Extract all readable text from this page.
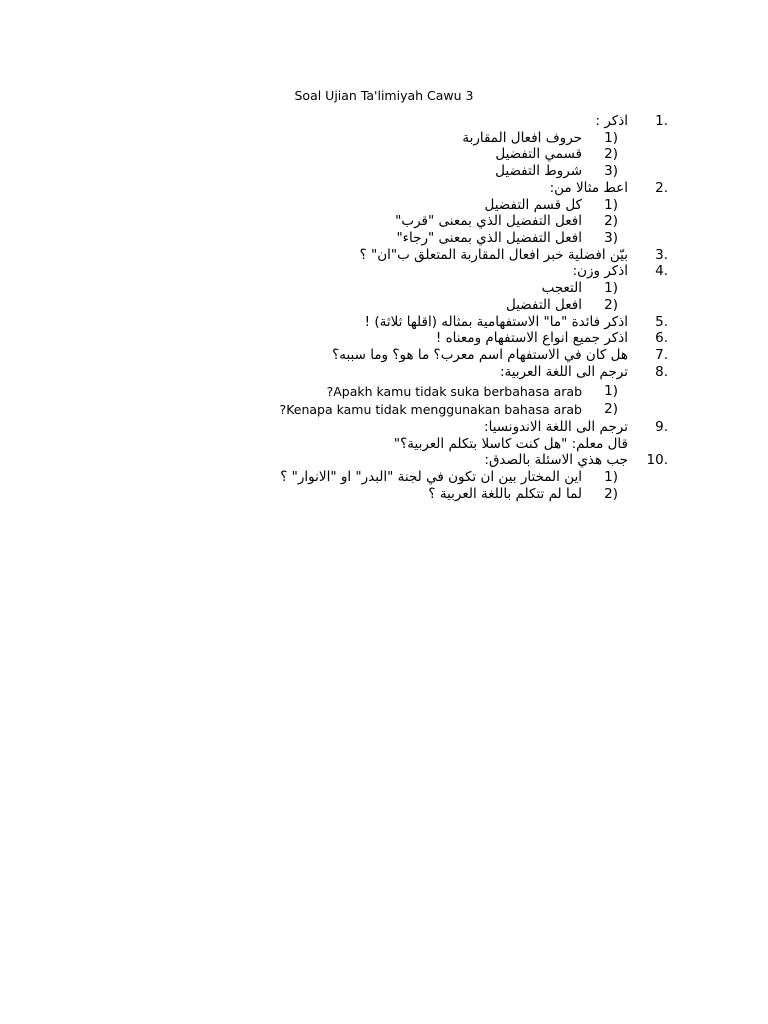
Soal Ujian Ta'limiyah Cawu 3
1.
اذكر :
1)
حروف افعال المقاربة
2)
قسمي التفضيل
3)
شروط التفضيل
2.
اعط مثالا من:
1)
كل قسم التفضيل
2)
افعل التفضيل الذي بمعنى "قرب"
3)
افعل التفضيل الذي بمعنى "رجاء"
3.
بيّن افضلية خبر افعال المقاربة المتعلق ب"ان" ؟
4.
اذكر وزن:
1)
التعجب
2)
افعل التفضيل
5.
اذكر فائدة "ما" الاستفهامية بمثاله (اقلها ثلاثة) !
6.
اذكر جميع انواع الاستفهام ومعناه !
7.
هل كان في الاستفهام اسم معرب؟ ما هو؟ وما سببه؟
8.
ترجم الى اللغة العربية:
1)
Apakh kamu tidak suka berbahasa arab?
2)
Kenapa kamu tidak menggunakan bahasa arab?
9.
ترجم الى اللغة الاندونسيا:
قال معلم: "هل كنت كاسلا بتكلم العربية؟"
10.
جب هذي الاسئلة بالصدق:
1)
اين المختار بين ان تكون في لجنة "البدر" او "الانوار" ؟
2)
لما لم تتكلم باللغة العربية ؟
